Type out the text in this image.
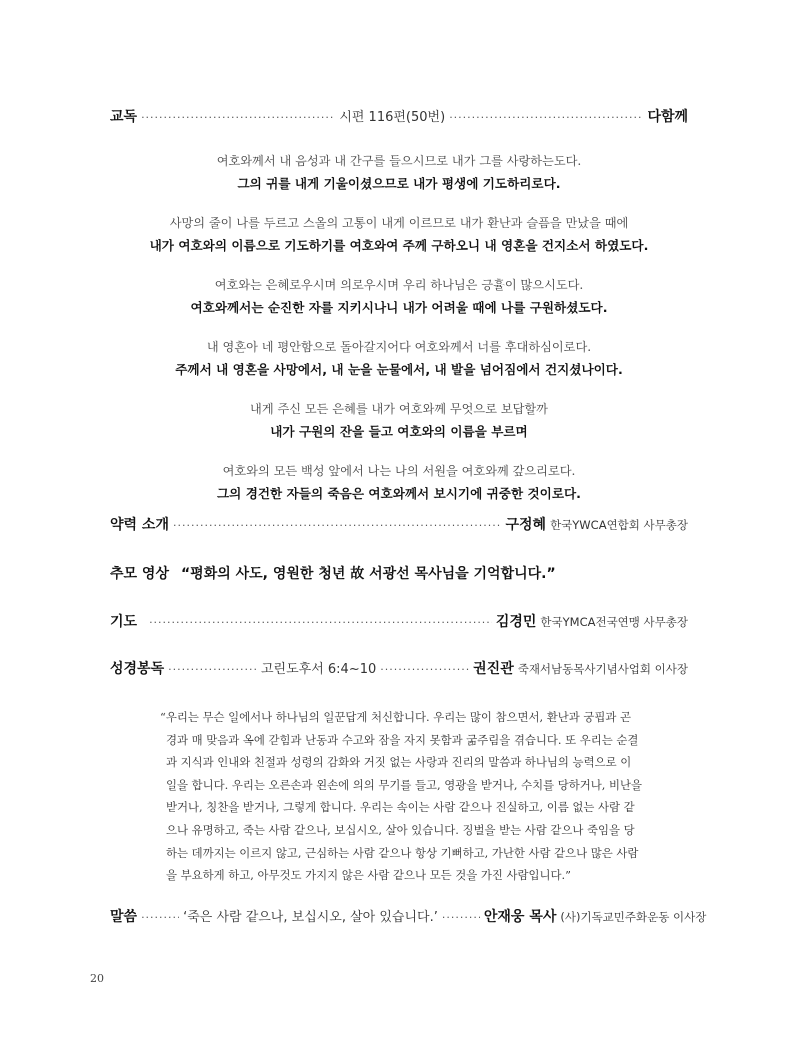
교독 ·····	시편 116편(50번) ·····	다함께
여호와께서 내 음성과 내 간구를 들으시므로 내가 그를 사랑하는도다.
그의 귀를 내게 기울이셨으므로 내가 평생에 기도하리로다.
사망의 줄이 나를 두르고 스올의 고통이 내게 이르므로 내가 환난과 슬픔을 만났을 때에
내가 여호와의 이름으로 기도하기를 여호와여 주께 구하오니 내 영혼을 건지소서 하였도다.
여호와는 은혜로우시며 의로우시며 우리 하나님은 긍휼이 많으시도다.
여호와께서는 순진한 자를 지키시나니 내가 어려울 때에 나를 구원하셨도다.
내 영혼아 네 평안함으로 돌아갈지어다 여호와께서 너를 후대하심이로다.
주께서 내 영혼을 사망에서, 내 눈을 눈물에서, 내 발을 넘어짐에서 건지셨나이다.
내게 주신 모든 은혜를 내가 여호와께 무엇으로 보답할까
내가 구원의 잔을 들고 여호와의 이름을 부르며
여호와의 모든 백성 앞에서 나는 나의 서원을 여호와께 갚으리로다.
그의 경건한 자들의 죽음은 여호와께서 보시기에 귀중한 것이로다.
약력 소개 ·····	구정혜 한국YWCA연합회 사무총장
추모 영상 “평화의 사도, 영원한 청년 故 서광선 목사님을 기억합니다.”
기도 ·····	김경민 한국YMCA전국연맹 사무총장
성경봉독 ·····	고린도후서 6:4~10 ·····	권진관 죽재서남동목사기념사업회 이사장

“우리는 무슨 일에서나 하나님의 일꾼답게 처신합니다. 우리는 많이 참으면서, 환난과 궁핍과 곤

경과 매 맞음과 옥에 갇힘과 난동과 수고와 잠을 자지 못함과 굶주림을 겪습니다. 또 우리는 순결

과 지식과 인내와 친절과 성령의 감화와 거짓 없는 사랑과 진리의 말씀과 하나님의 능력으로 이

일을 합니다. 우리는 오른손과 왼손에 의의 무기를 들고, 영광을 받거나, 수치를 당하거나, 비난을

받거나, 칭찬을 받거나, 그렇게 합니다. 우리는 속이는 사람 같으나 진실하고, 이름 없는 사람 같

으나 유명하고, 죽는 사람 같으나, 보십시오, 살아 있습니다. 징벌을 받는 사람 같으나 죽임을 당

하는 데까지는 이르지 않고, 근심하는 사람 같으나 항상 기뻐하고, 가난한 사람 같으나 많은 사람

을 부요하게 하고, 아무것도 가지지 않은 사람 같으나 모든 것을 가진 사람입니다.”

말씀 ·····	‘죽은 사람 같으나, 보십시오, 살아 있습니다.’ ·····	안재웅 목사 (사)기독교민주화운동 이사장
20
